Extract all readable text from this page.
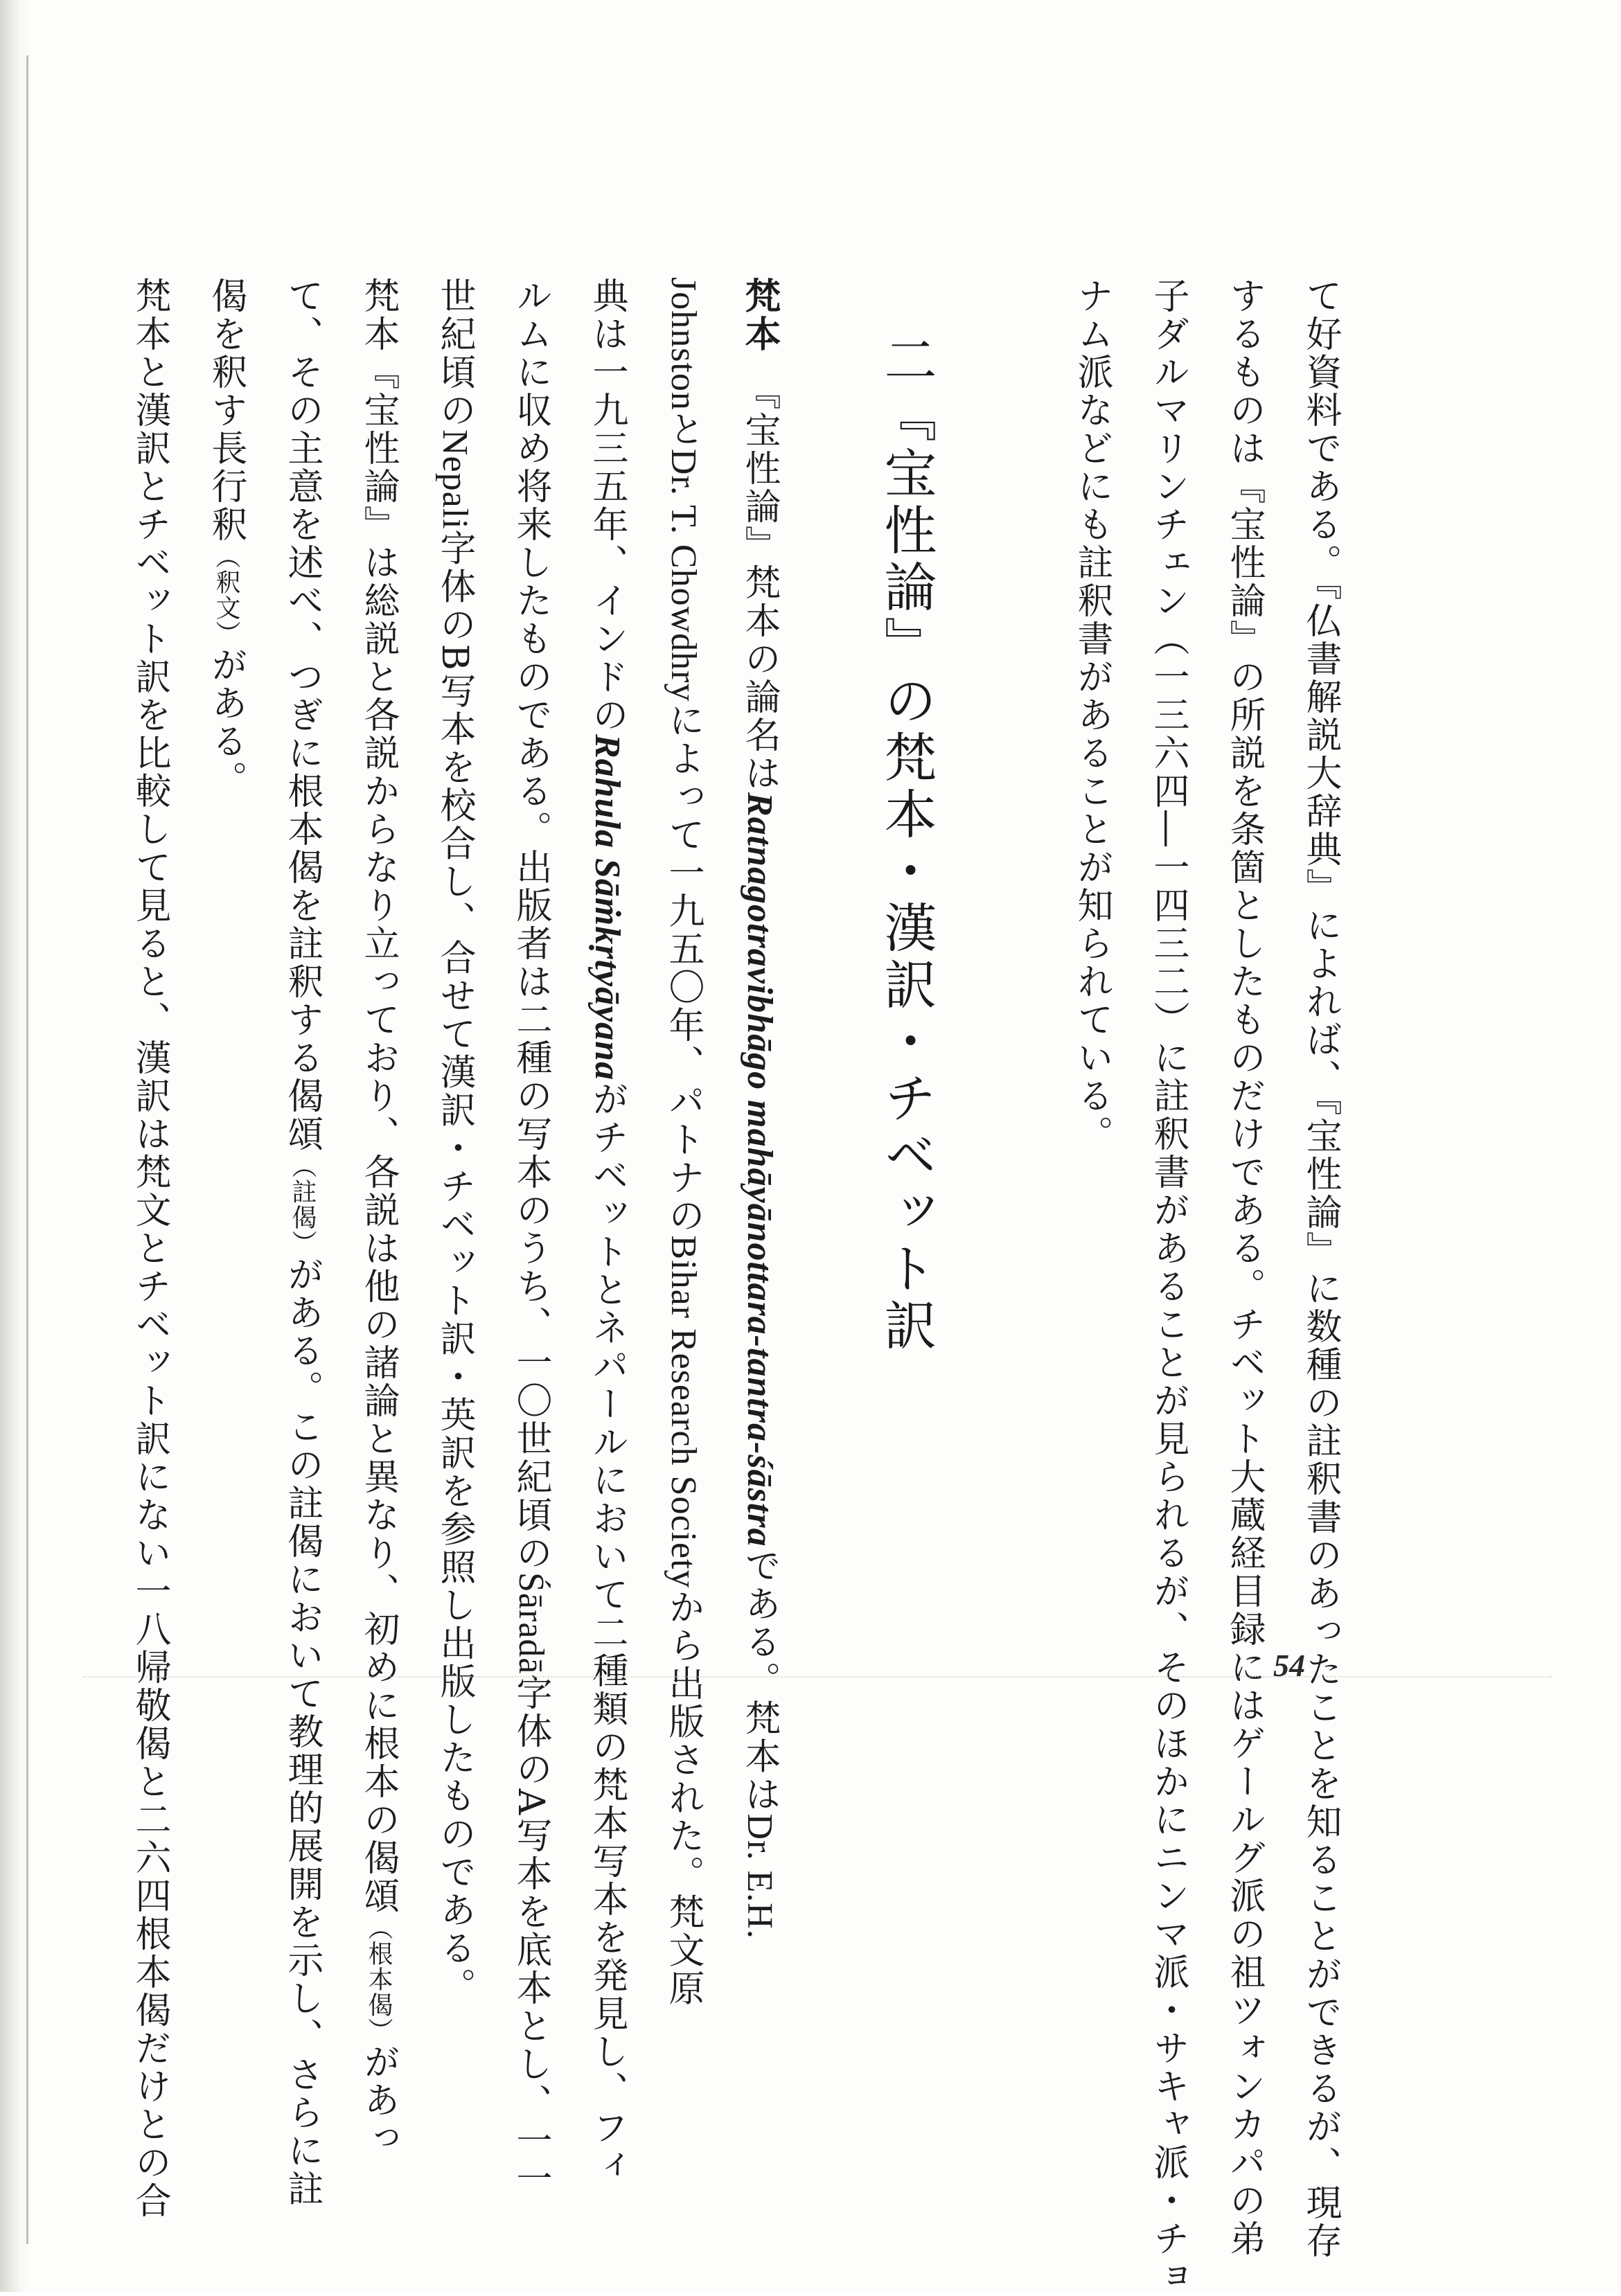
て好資料である。『仏書解説大辞典』によれば、『宝性論』に数種の註釈書のあったことを知ることができるが、現存
するものは『宝性論』の所説を条箇としたものだけである。チベット大蔵経目録にはゲールグ派の祖ツォンカパの弟
子ダルマリンチェン（一三六四―一四三二）に註釈書があることが見られるが、そのほかにニンマ派・サキャ派・チョ
ナム派などにも註釈書があることが知られている。
二『宝性論』の梵本・漢訳・チベット訳
梵本　『宝性論』梵本の論名はRatnagotravibhāgo mahāyānottara-tantra-śāstraである。梵本はDr. E.H.
JohnstonとDr. T. Chowdhryによって一九五〇年、パトナのBihar Research Societyから出版された。梵文原
典は一九三五年、インドのRahula Sāṁkṛtyāyanaがチベットとネパールにおいて二種類の梵本写本を発見し、フィ
ルムに収め将来したものである。出版者は二種の写本のうち、一〇世紀頃のŚāradā字体のA写本を底本とし、一一
世紀頃のNepali字体のB写本を校合し、合せて漢訳・チベット訳・英訳を参照し出版したものである。
梵本『宝性論』は総説と各説からなり立っており、各説は他の諸論と異なり、初めに根本の偈頌（根本偈）があっ
て、その主意を述べ、つぎに根本偈を註釈する偈頌（註偈）がある。この註偈において教理的展開を示し、さらに註
偈を釈す長行釈（釈文）がある。
梵本と漢訳とチベット訳を比較して見ると、漢訳は梵文とチベット訳にない一八帰敬偈と二六四根本偈だけとの合	54
